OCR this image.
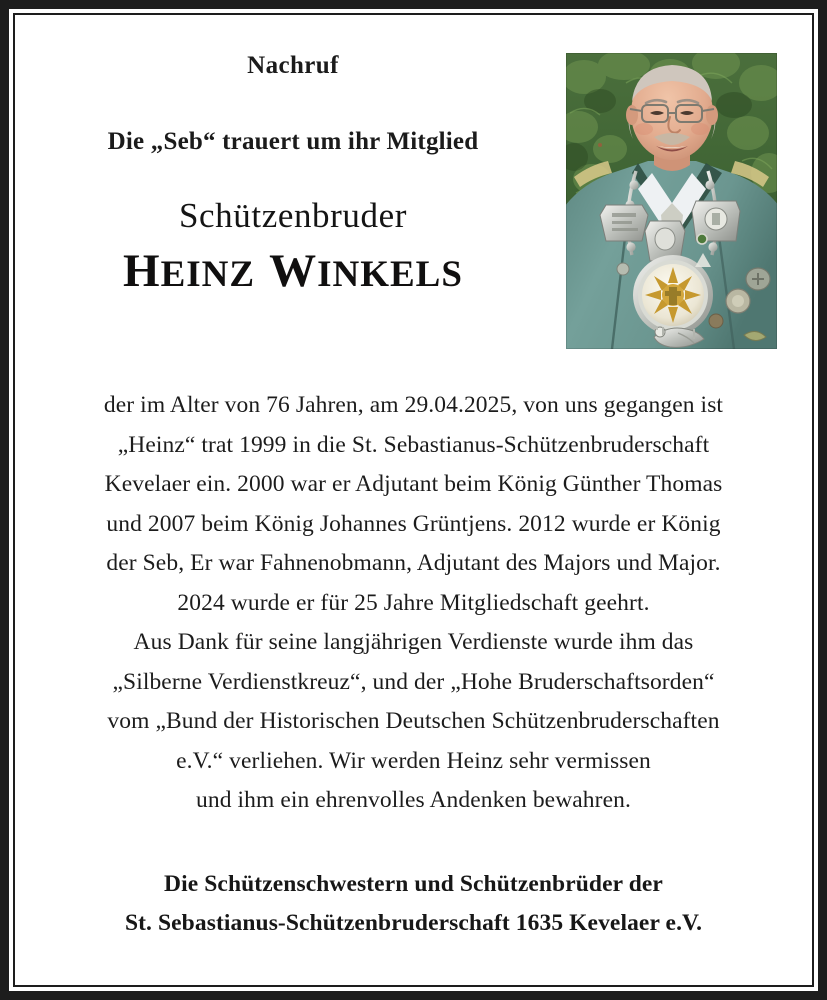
Nachruf

Die „Seb“ trauert um ihr Mitglied

Schützenbruder

HEINZ WINKELS

der im Alter von 76 Jahren, am 29.04.2025, von uns gegangen ist

„Heinz“ trat 1999 in die St. Sebastianus-Schützenbruderschaft

Kevelaer ein. 2000 war er Adjutant beim König Günther Thomas

und 2007 beim König Johannes Grüntjens. 2012 wurde er König

der Seb, Er war Fahnenobmann, Adjutant des Majors und Major.

2024 wurde er für 25 Jahre Mitgliedschaft geehrt.

Aus Dank für seine langjährigen Verdienste wurde ihm das

„Silberne Verdienstkreuz“, und der „Hohe Bruderschaftsorden“

vom „Bund der Historischen Deutschen Schützenbruderschaften

e.V.“ verliehen. Wir werden Heinz sehr vermissen

und ihm ein ehrenvolles Andenken bewahren.

Die Schützenschwestern und Schützenbrüder der

St. Sebastianus-Schützenbruderschaft 1635 Kevelaer e.V.
